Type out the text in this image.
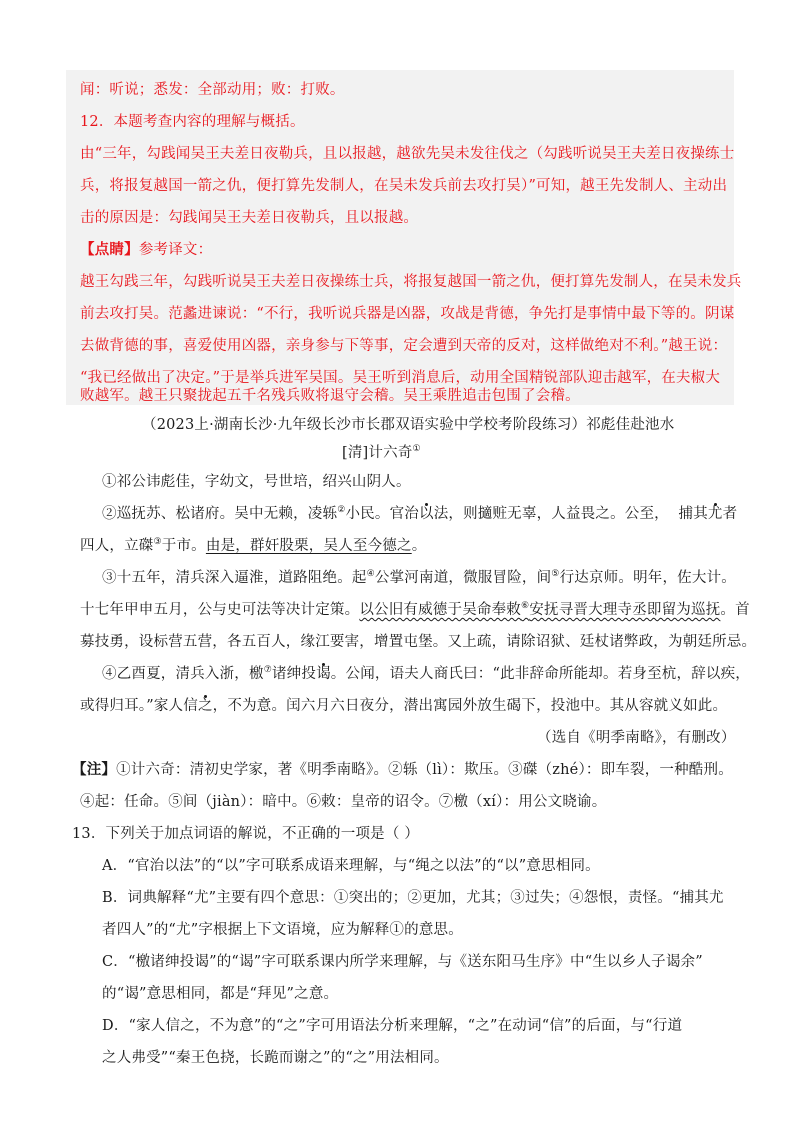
闻：听说；悉发：全部动用；败：打败。
12．本题考查内容的理解与概括。
由“三年，勾践闻吴王夫差日夜勒兵，且以报越，越欲先吴未发往伐之（勾践听说吴王夫差日夜操练士
兵，将报复越国一箭之仇，便打算先发制人，在吴未发兵前去攻打吴）”可知，越王先发制人、主动出
击的原因是：勾践闻吴王夫差日夜勒兵，且以报越。
【点睛】参考译文：
越王勾践三年，勾践听说吴王夫差日夜操练士兵，将报复越国一箭之仇，便打算先发制人，在吴未发兵
前去攻打吴。范蠡进谏说：“不行，我听说兵器是凶器，攻战是背德，争先打是事情中最下等的。阴谋
去做背德的事，喜爱使用凶器，亲身参与下等事，定会遭到天帝的反对，这样做绝对不利。”越王说：
“我已经做出了决定。”于是举兵进军吴国。吴王听到消息后，动用全国精锐部队迎击越军，在夫椒大
败越军。越王只聚拢起五千名残兵败将退守会稽。吴王乘胜追击包围了会稽。
（2023上·湖南长沙·九年级长沙市长郡双语实验中学校考阶段练习）祁彪佳赴池水
[清]计六奇①
①祁公讳彪佳，字幼文，号世培，绍兴山阴人。
②巡抚苏、松诸府。吴中无赖，凌轹②小民。官治以法，则擿赃无辜，人益畏之。公至， 捕其尤者
四人，立磔③于市。由是，群奸股栗，吴人至今德之。
③十五年，清兵深入逼淮，道路阻绝。起④公掌河南道，微服冒险，间⑤行达京师。明年，佐大计。
十七年甲申五月，公与史可法等决计定策。以公旧有威德于吴命奉敕⑥安抚寻晋大理寺丞即留为巡抚。首
募技勇，设标营五营，各五百人，缘江要害，增置屯堡。又上疏，请除诏狱、廷杖诸弊政，为朝廷所忌。
④乙酉夏，清兵入浙，檄⑦诸绅投谒。公闻，语夫人商氏曰：“此非辞命所能却。若身至杭，辞以疾，
或得归耳。”家人信之，不为意。闰六月六日夜分，潜出寓园外放生碣下，投池中。其从容就义如此。
（选自《明季南略》，有删改）
【注】①计六奇：清初史学家，著《明季南略》。②轹（lì）：欺压。③磔（zhé）：即车裂，一种酷刑。
④起：任命。⑤间（jiàn）：暗中。⑥敕：皇帝的诏令。⑦檄（xí）：用公文晓谕。
13．下列关于加点词语的解说，不正确的一项是（ ）
A．“官治以法”的“以”字可联系成语来理解，与“绳之以法”的“以”意思相同。
B．词典解释“尤”主要有四个意思：①突出的；②更加，尤其；③过失；④怨恨，责怪。“捕其尤
者四人”的“尤”字根据上下文语境，应为解释①的意思。
C．“檄诸绅投谒”的“谒”字可联系课内所学来理解，与《送东阳马生序》中“生以乡人子谒余”
的“谒”意思相同，都是“拜见”之意。
D．“家人信之，不为意”的“之”字可用语法分析来理解，“之”在动词“信”的后面，与“行道
之人弗受”“秦王色挠，长跪而谢之”的“之”用法相同。
